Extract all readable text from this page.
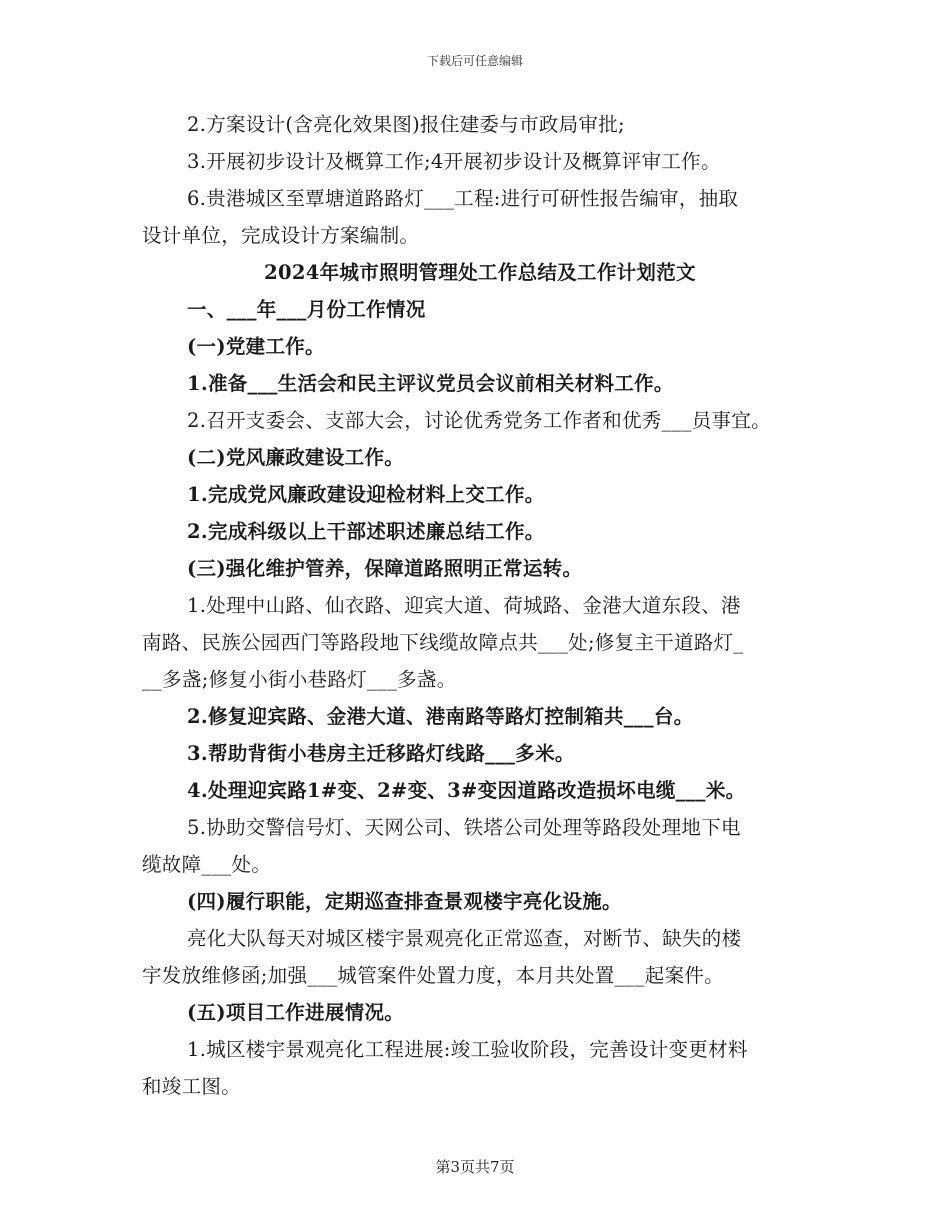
下载后可任意编辑
2.方案设计(含亮化效果图)报住建委与市政局审批;
3.开展初步设计及概算工作;4开展初步设计及概算评审工作。
6.贵港城区至覃塘道路路灯___工程:进行可研性报告编审，抽取
设计单位，完成设计方案编制。
2024年城市照明管理处工作总结及工作计划范文
一、___年___月份工作情况
(一)党建工作。
1.准备___生活会和民主评议党员会议前相关材料工作。
2.召开支委会、支部大会，讨论优秀党务工作者和优秀___员事宜。
(二)党风廉政建设工作。
1.完成党风廉政建设迎检材料上交工作。
2.完成科级以上干部述职述廉总结工作。
(三)强化维护管养，保障道路照明正常运转。
1.处理中山路、仙衣路、迎宾大道、荷城路、金港大道东段、港
南路、民族公园西门等路段地下线缆故障点共___处;修复主干道路灯_
__多盏;修复小街小巷路灯___多盏。
2.修复迎宾路、金港大道、港南路等路灯控制箱共___台。
3.帮助背街小巷房主迁移路灯线路___多米。
4.处理迎宾路1#变、2#变、3#变因道路改造损坏电缆___米。
5.协助交警信号灯、天网公司、铁塔公司处理等路段处理地下电
缆故障___处。
(四)履行职能，定期巡查排查景观楼宇亮化设施。
亮化大队每天对城区楼宇景观亮化正常巡查，对断节、缺失的楼
宇发放维修函;加强___城管案件处置力度，本月共处置___起案件。
(五)项目工作进展情况。
1.城区楼宇景观亮化工程进展:竣工验收阶段，完善设计变更材料
和竣工图。
第3页共7页
